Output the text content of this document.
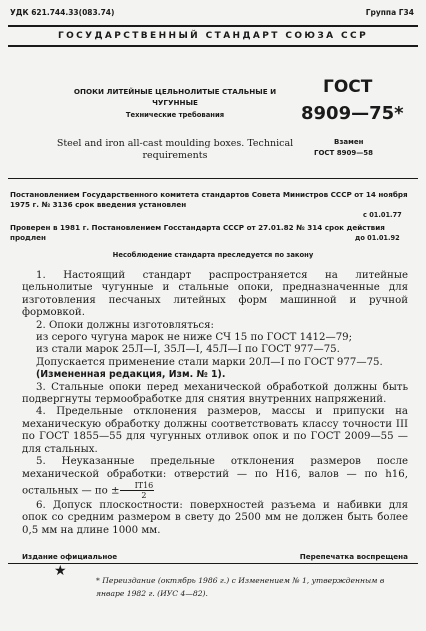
УДК 621.744.33(083.74)	Группа Г34
ГОСУДАРСТВЕННЫЙ СТАНДАРТ СОЮЗА ССР
ОПОКИ ЛИТЕЙНЫЕ ЦЕЛЬНОЛИТЫЕ СТАЛЬНЫЕ И ЧУГУННЫЕ
Технические требования
Steel and iron all-cast moulding boxes. Technical requirements
ГОСТ
8909—75*
Взамен
ГОСТ 8909—58
Постановлением Государственного комитета стандартов Совета Министров СССР от 14 ноября 1975 г. № 3136 срок введения установлен
с 01.01.77
Проверен в 1981 г. Постановлением Госстандарта СССР от 27.01.82 № 314 срок действия продлен	до 01.01.92
Несоблюдение стандарта преследуется по закону

1. Настоящий стандарт распространяется на литейные цельнолитые чугунные и стальные опоки, предназначенные для изготовления песчаных литейных форм машинной и ручной формовкой.

2. Опоки должны изготовляться:

из серого чугуна марок не ниже СЧ 15 по ГОСТ 1412—79;

из стали марок 25Л—I, 35Л—I, 45Л—I по ГОСТ 977—75.

Допускается применение стали марки 20Л—I по ГОСТ 977—75.

(Измененная редакция, Изм. № 1).

3. Стальные опоки перед механической обработкой должны быть подвергнуты термообработке для снятия внутренних напряжений.

4. Предельные отклонения размеров, массы и припуски на механическую обработку должны соответствовать классу точности III по ГОСТ 1855—55 для чугунных отливок опок и по ГОСТ 2009—55 — для стальных.

5. Неуказанные предельные отклонения размеров после механической обработки: отверстий — по H16, валов — по h16, остальных — по ± $\frac{IT16}{2}$

6. Допуск плоскостности: поверхностей разъема и набивки для опок со средним размером в свету до 2500 мм не должен быть более 0,5 мм на длине 1000 мм.

Издание официальное	Перепечатка воспрещена
★
* Переиздание (октябрь 1986 г.) с Изменением № 1, утвержденным в январе 1982 г. (ИУС 4—82).
